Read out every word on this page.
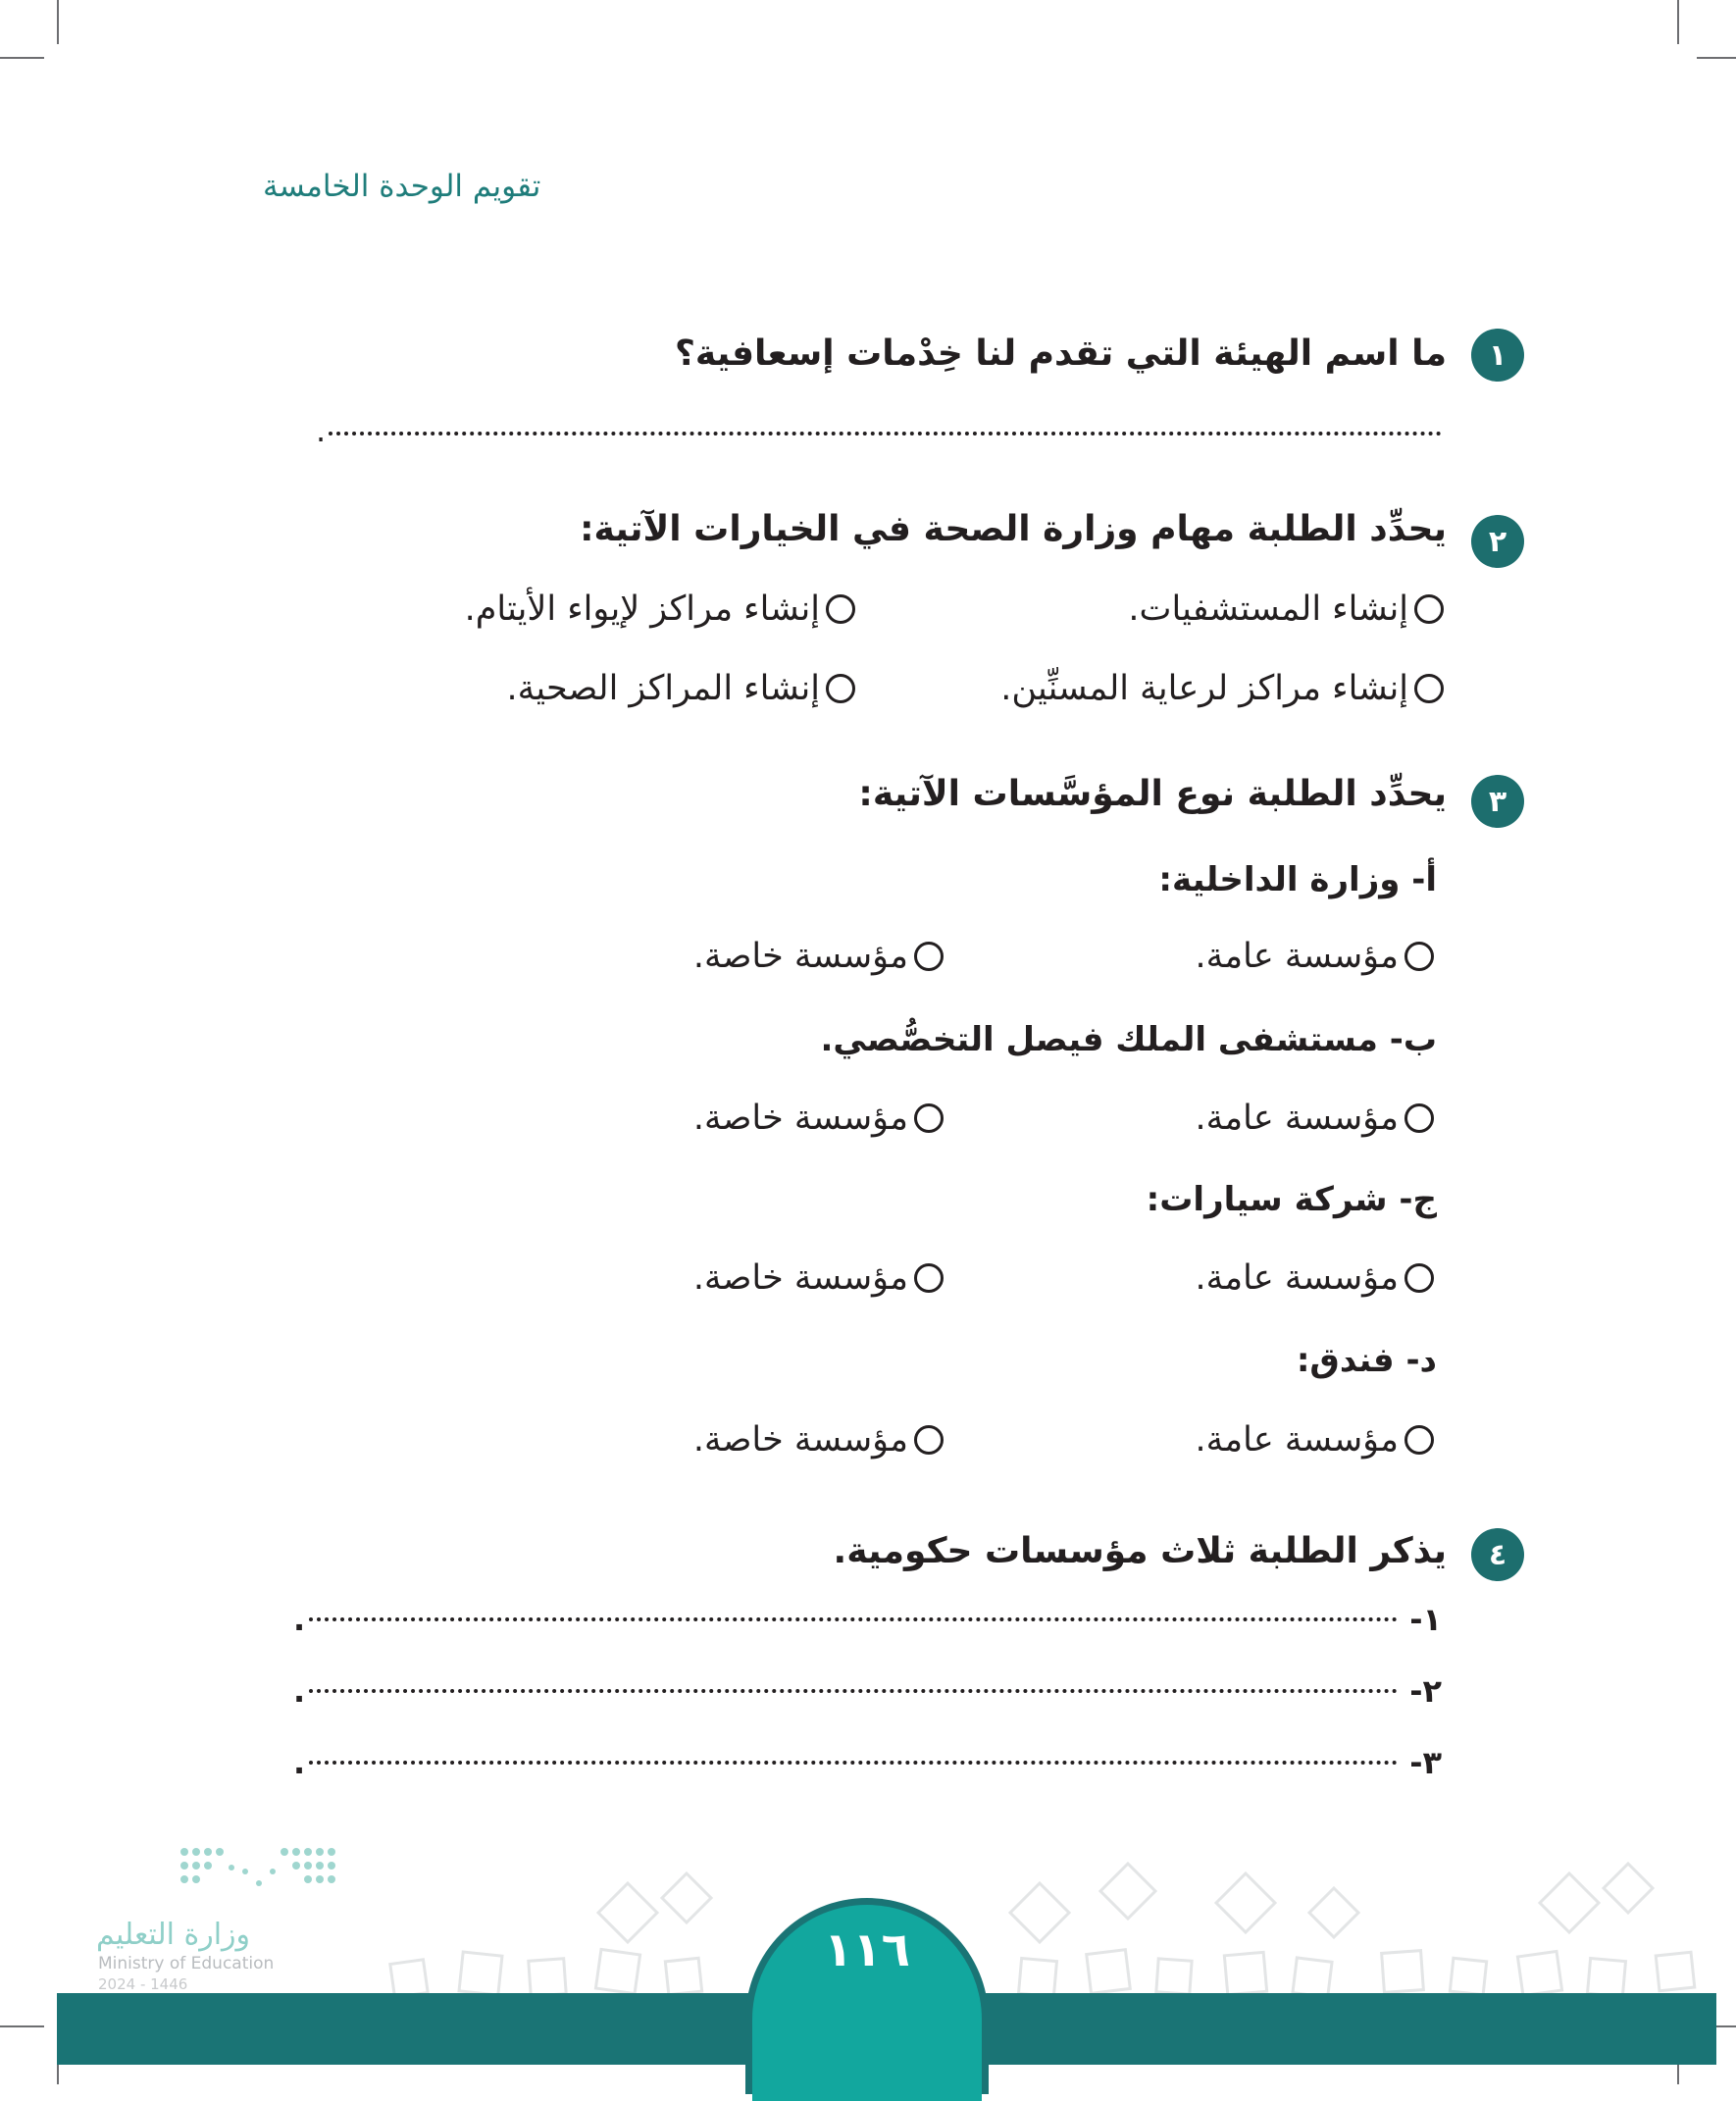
تقويم الوحدة الخامسة
١
ما اسم الهيئة التي تقدم لنا خِدْمات إسعافية؟
.
٢
يحدِّد الطلبة مهام وزارة الصحة في الخيارات الآتية:
إنشاء المستشفيات.
إنشاء مراكز لإيواء الأيتام.
إنشاء مراكز لرعاية المسنِّين.
إنشاء المراكز الصحية.
٣
يحدِّد الطلبة نوع المؤسَّسات الآتية:
أ- وزارة الداخلية:
مؤسسة عامة.
مؤسسة خاصة.
ب- مستشفى الملك فيصل التخصُّصي.
مؤسسة عامة.
مؤسسة خاصة.
ج- شركة سيارات:
مؤسسة عامة.
مؤسسة خاصة.
د- فندق:
مؤسسة عامة.
مؤسسة خاصة.
٤
يذكر الطلبة ثلاث مؤسسات حكومية.
١-
.
٢-
.
٣-
.
وزارة التعليم
Ministry of Education
2024 - 1446
١١٦
